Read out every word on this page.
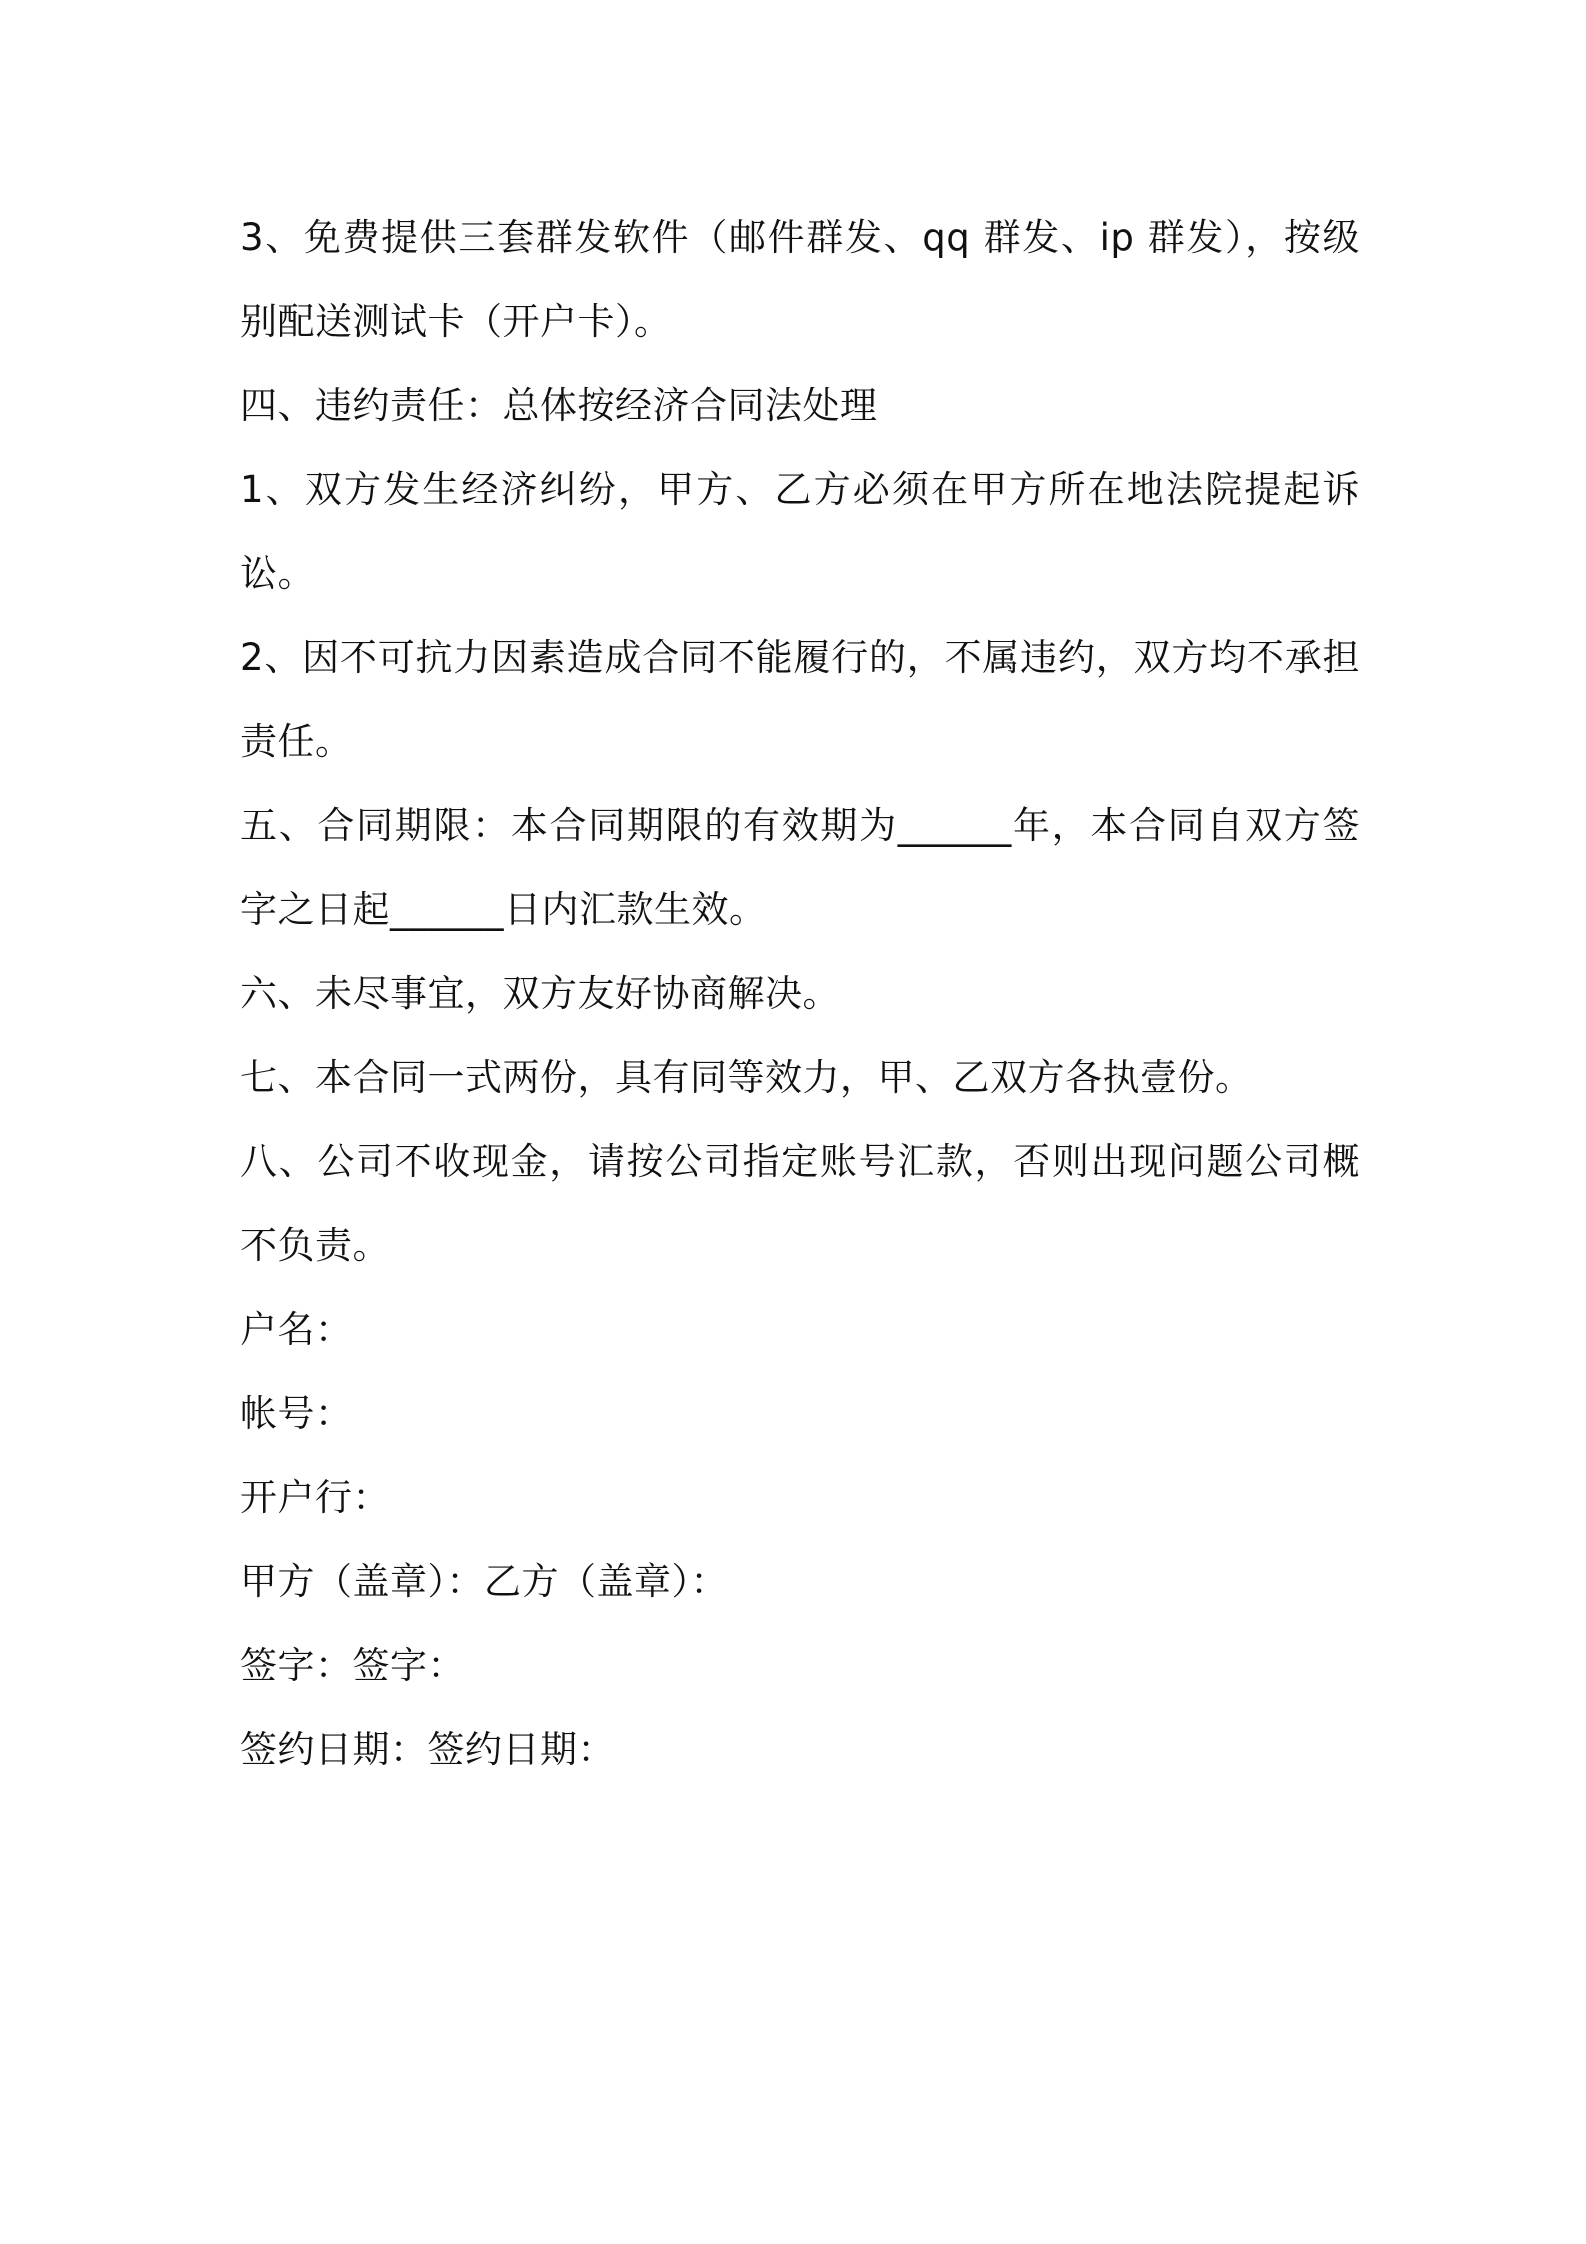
3、免费提供三套群发软件（邮件群发、qq 群发、ip 群发），按级别配送测试卡（开户卡）。

四、违约责任：总体按经济合同法处理

1、双方发生经济纠纷，甲方、乙方必须在甲方所在地法院提起诉讼。

2、因不可抗力因素造成合同不能履行的，不属违约，双方均不承担责任。

五、合同期限：本合同期限的有效期为______年，本合同自双方签字之日起______日内汇款生效。

六、未尽事宜，双方友好协商解决。

七、本合同一式两份，具有同等效力，甲、乙双方各执壹份。

八、公司不收现金，请按公司指定账号汇款，否则出现问题公司概不负责。

户名：

帐号：

开户行：

甲方（盖章）：乙方（盖章）：

签字：签字：

签约日期：签约日期：
